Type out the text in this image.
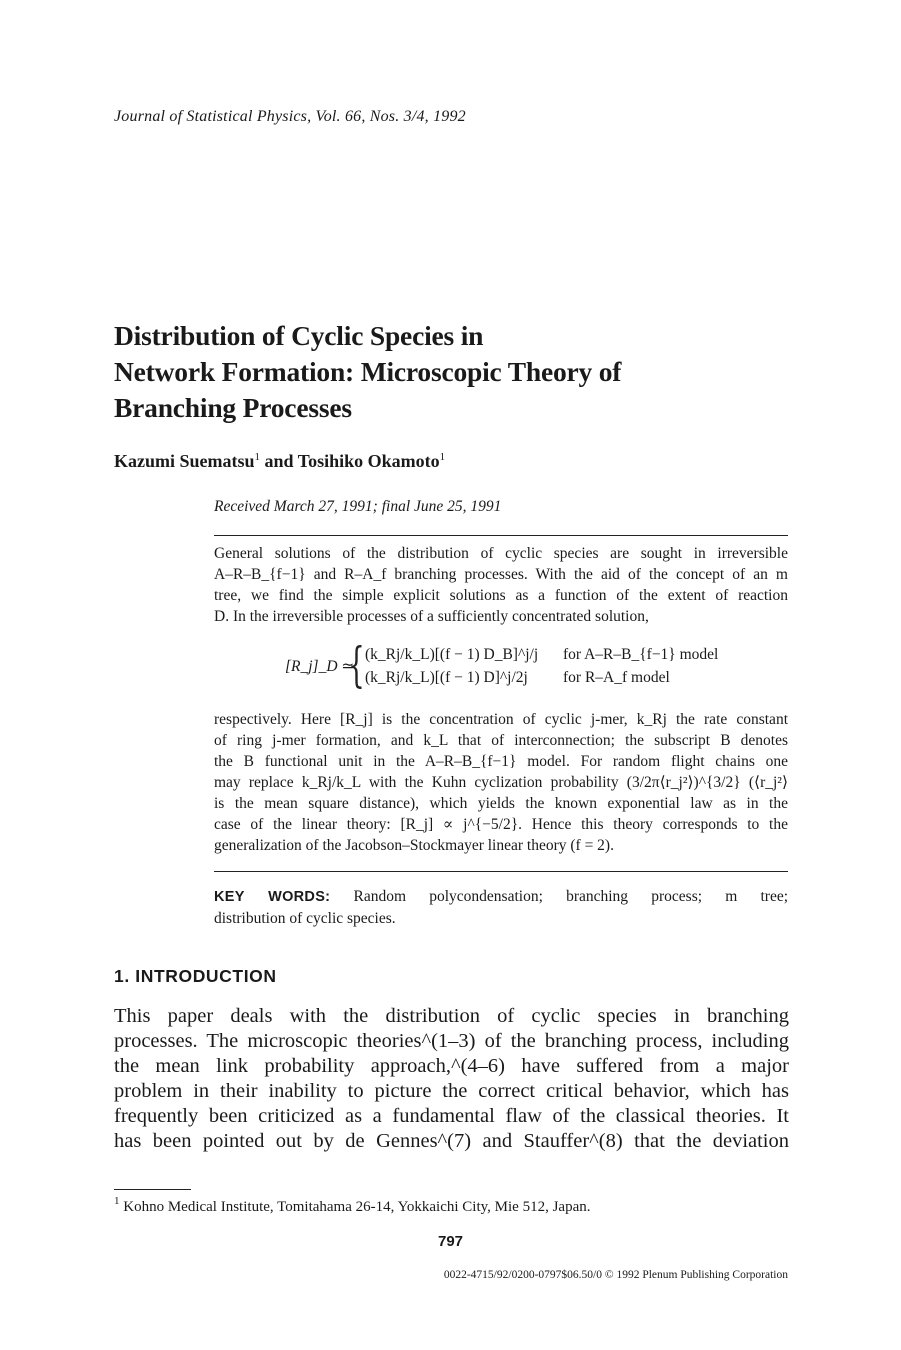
Journal of Statistical Physics, Vol. 66, Nos. 3/4, 1992
Distribution of Cyclic Species in
Network Formation: Microscopic Theory of
Branching Processes
Kazumi Suematsu$^1$ and Tosihiko Okamoto$^1$
Received March 27, 1991; final June 25, 1991
General solutions of the distribution of cyclic species are sought in irreversible
A–R–B_{f−1} and R–A_f branching processes. With the aid of the concept of an m
tree, we find the simple explicit solutions as a function of the extent of reaction
D. In the irreversible processes of a sufficiently concentrated solution,
[R_j]_D ≃
{ (k_Rj/k_L)[(f − 1) D_B]^j/j
(k_Rj/k_L)[(f − 1) D]^j/2j
for A–R–B_{f−1} model
for R–A_f model
respectively. Here [R_j] is the concentration of cyclic j-mer, k_Rj the rate constant
of ring j-mer formation, and k_L that of interconnection; the subscript B denotes
the B functional unit in the A–R–B_{f−1} model. For random flight chains one
may replace k_Rj/k_L with the Kuhn cyclization probability (3/2π⟨r_j²⟩)^{3/2} (⟨r_j²⟩
is the mean square distance), which yields the known exponential law as in the
case of the linear theory: [R_j] ∝ j^{−5/2}. Hence this theory corresponds to the
generalization of the Jacobson–Stockmayer linear theory (f = 2).
KEY WORDS: Random polycondensation; branching process; m tree;
distribution of cyclic species.
1. INTRODUCTION
This paper deals with the distribution of cyclic species in branching
processes. The microscopic theories^(1–3) of the branching process, including
the mean link probability approach,^(4–6) have suffered from a major
problem in their inability to picture the correct critical behavior, which has
frequently been criticized as a fundamental flaw of the classical theories. It
has been pointed out by de Gennes^(7) and Stauffer^(8) that the deviation
$^1$ Kohno Medical Institute, Tomitahama 26-14, Yokkaichi City, Mie 512, Japan.
797
0022-4715/92/0200-0797$06.50/0 © 1992 Plenum Publishing Corporation
